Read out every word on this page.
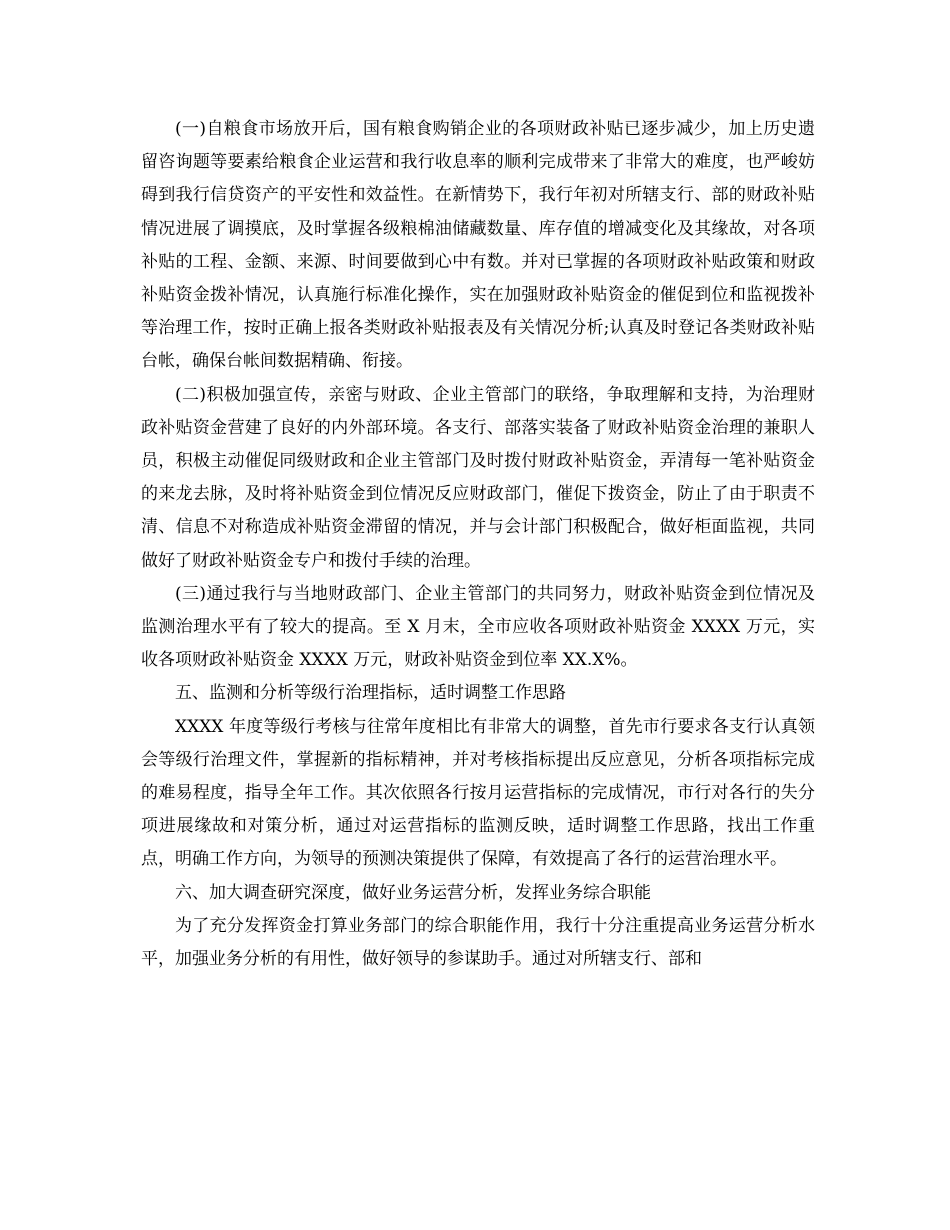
(一)自粮食市场放开后，国有粮食购销企业的各项财政补贴已逐步减少，加上历史遗留咨询题等要素给粮食企业运营和我行收息率的顺利完成带来了非常大的难度，也严峻妨碍到我行信贷资产的平安性和效益性。在新情势下，我行年初对所辖支行、部的财政补贴情况进展了调摸底，及时掌握各级粮棉油储藏数量、库存值的增减变化及其缘故，对各项补贴的工程、金额、来源、时间要做到心中有数。并对已掌握的各项财政补贴政策和财政补贴资金拨补情况，认真施行标准化操作，实在加强财政补贴资金的催促到位和监视拨补等治理工作，按时正确上报各类财政补贴报表及有关情况分析;认真及时登记各类财政补贴台帐，确保台帐间数据精确、衔接。

(二)积极加强宣传，亲密与财政、企业主管部门的联络，争取理解和支持，为治理财政补贴资金营建了良好的内外部环境。各支行、部落实装备了财政补贴资金治理的兼职人员，积极主动催促同级财政和企业主管部门及时拨付财政补贴资金，弄清每一笔补贴资金的来龙去脉，及时将补贴资金到位情况反应财政部门，催促下拨资金，防止了由于职责不清、信息不对称造成补贴资金滞留的情况，并与会计部门积极配合，做好柜面监视，共同做好了财政补贴资金专户和拨付手续的治理。

(三)通过我行与当地财政部门、企业主管部门的共同努力，财政补贴资金到位情况及监测治理水平有了较大的提高。至 X 月末，全市应收各项财政补贴资金 XXXX 万元，实收各项财政补贴资金 XXXX 万元，财政补贴资金到位率 XX.X%。

五、监测和分析等级行治理指标，适时调整工作思路

XXXX 年度等级行考核与往常年度相比有非常大的调整，首先市行要求各支行认真领会等级行治理文件，掌握新的指标精神，并对考核指标提出反应意见，分析各项指标完成的难易程度，指导全年工作。其次依照各行按月运营指标的完成情况，市行对各行的失分项进展缘故和对策分析，通过对运营指标的监测反映，适时调整工作思路，找出工作重点，明确工作方向，为领导的预测决策提供了保障，有效提高了各行的运营治理水平。

六、加大调查研究深度，做好业务运营分析，发挥业务综合职能

为了充分发挥资金打算业务部门的综合职能作用，我行十分注重提高业务运营分析水平，加强业务分析的有用性，做好领导的参谋助手。通过对所辖支行、部和
